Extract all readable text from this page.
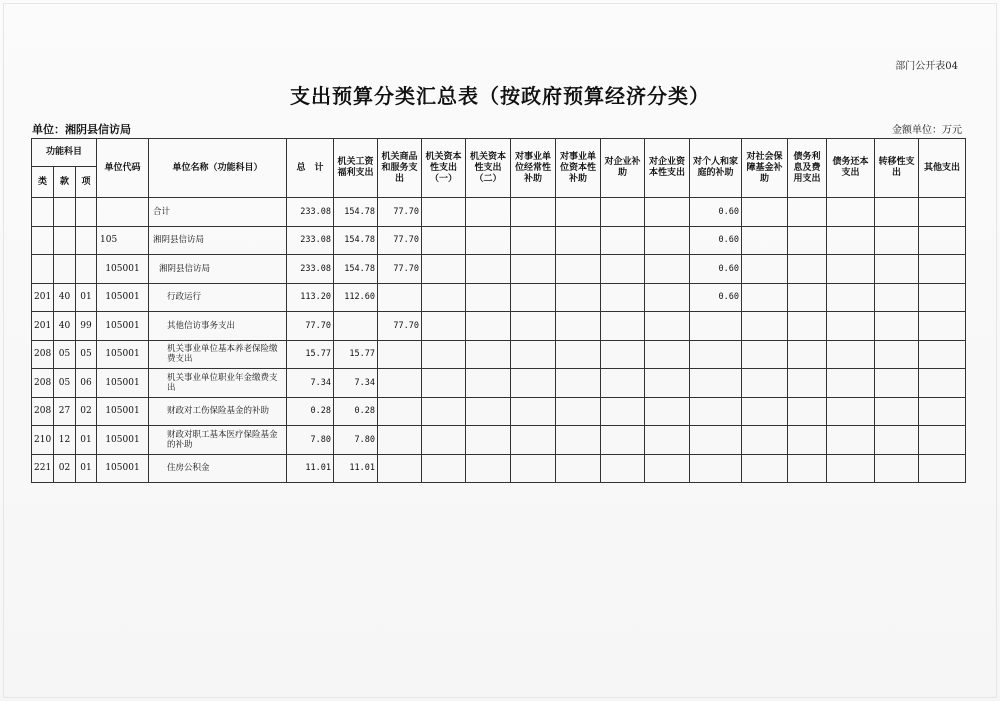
部门公开表04
支出预算分类汇总表（按政府预算经济分类）
单位：湘阴县信访局	金额单位：万元
功能科目			单位代码	单位名称（功能科目）	总　计	机关工资福利支出	机关商品和服务支出	机关资本性支出（一）	机关资本性支出（二）	对事业单位经常性补助	对事业单位资本性补助	对企业补助	对企业资本性支出	对个人和家庭的补助	对社会保障基金补助	债务利息及费用支出	债务还本支出	转移性支出	其他支出
类	款	项																	
				合计	233.08	154.78	77.70							0.60					
			105	湘阴县信访局	233.08	154.78	77.70							0.60					
			105001	湘阴县信访局	233.08	154.78	77.70							0.60					
201	40	01	105001	行政运行	113.20	112.60								0.60					
201	40	99	105001	其他信访事务支出	77.70		77.70												
208	05	05	105001	机关事业单位基本养老保险缴费支出	15.77	15.77													
208	05	06	105001	机关事业单位职业年金缴费支出	7.34	7.34													
208	27	02	105001	财政对工伤保险基金的补助	0.28	0.28													
210	12	01	105001	财政对职工基本医疗保险基金的补助	7.80	7.80													
221	02	01	105001	住房公积金	11.01	11.01													
